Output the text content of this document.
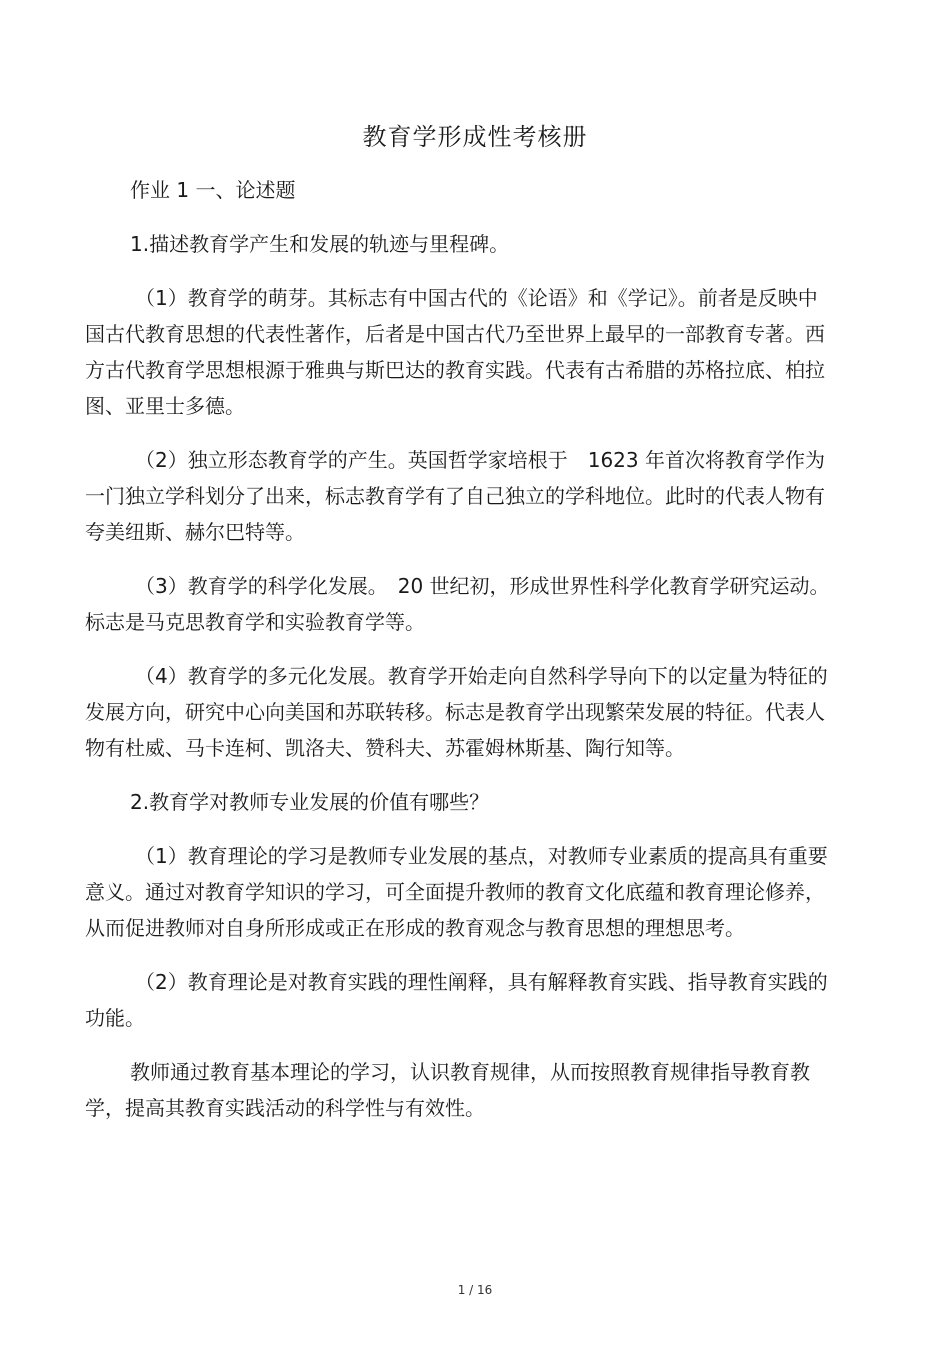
教育学形成性考核册

作业 1 一、论述题

1.描述教育学产生和发展的轨迹与里程碑。

（1）教育学的萌芽。其标志有中国古代的《论语》和《学记》。前者是反映中国古代教育思想的代表性著作，后者是中国古代乃至世界上最早的一部教育专著。西方古代教育学思想根源于雅典与斯巴达的教育实践。代表有古希腊的苏格拉底、柏拉图、亚里士多德。

（2）独立形态教育学的产生。英国哲学家培根于　1623 年首次将教育学作为一门独立学科划分了出来，标志教育学有了自己独立的学科地位。此时的代表人物有夸美纽斯、赫尔巴特等。

（3）教育学的科学化发展。　20 世纪初，形成世界性科学化教育学研究运动。标志是马克思教育学和实验教育学等。

（4）教育学的多元化发展。教育学开始走向自然科学导向下的以定量为特征的发展方向，研究中心向美国和苏联转移。标志是教育学出现繁荣发展的特征。代表人物有杜威、马卡连柯、凯洛夫、赞科夫、苏霍姆林斯基、陶行知等。

2.教育学对教师专业发展的价值有哪些？

（1）教育理论的学习是教师专业发展的基点，对教师专业素质的提高具有重要意义。通过对教育学知识的学习，可全面提升教师的教育文化底蕴和教育理论修养，从而促进教师对自身所形成或正在形成的教育观念与教育思想的理想思考。

（2）教育理论是对教育实践的理性阐释，具有解释教育实践、指导教育实践的功能。

教师通过教育基本理论的学习，认识教育规律，从而按照教育规律指导教育教学，提高其教育实践活动的科学性与有效性。

1 / 16
